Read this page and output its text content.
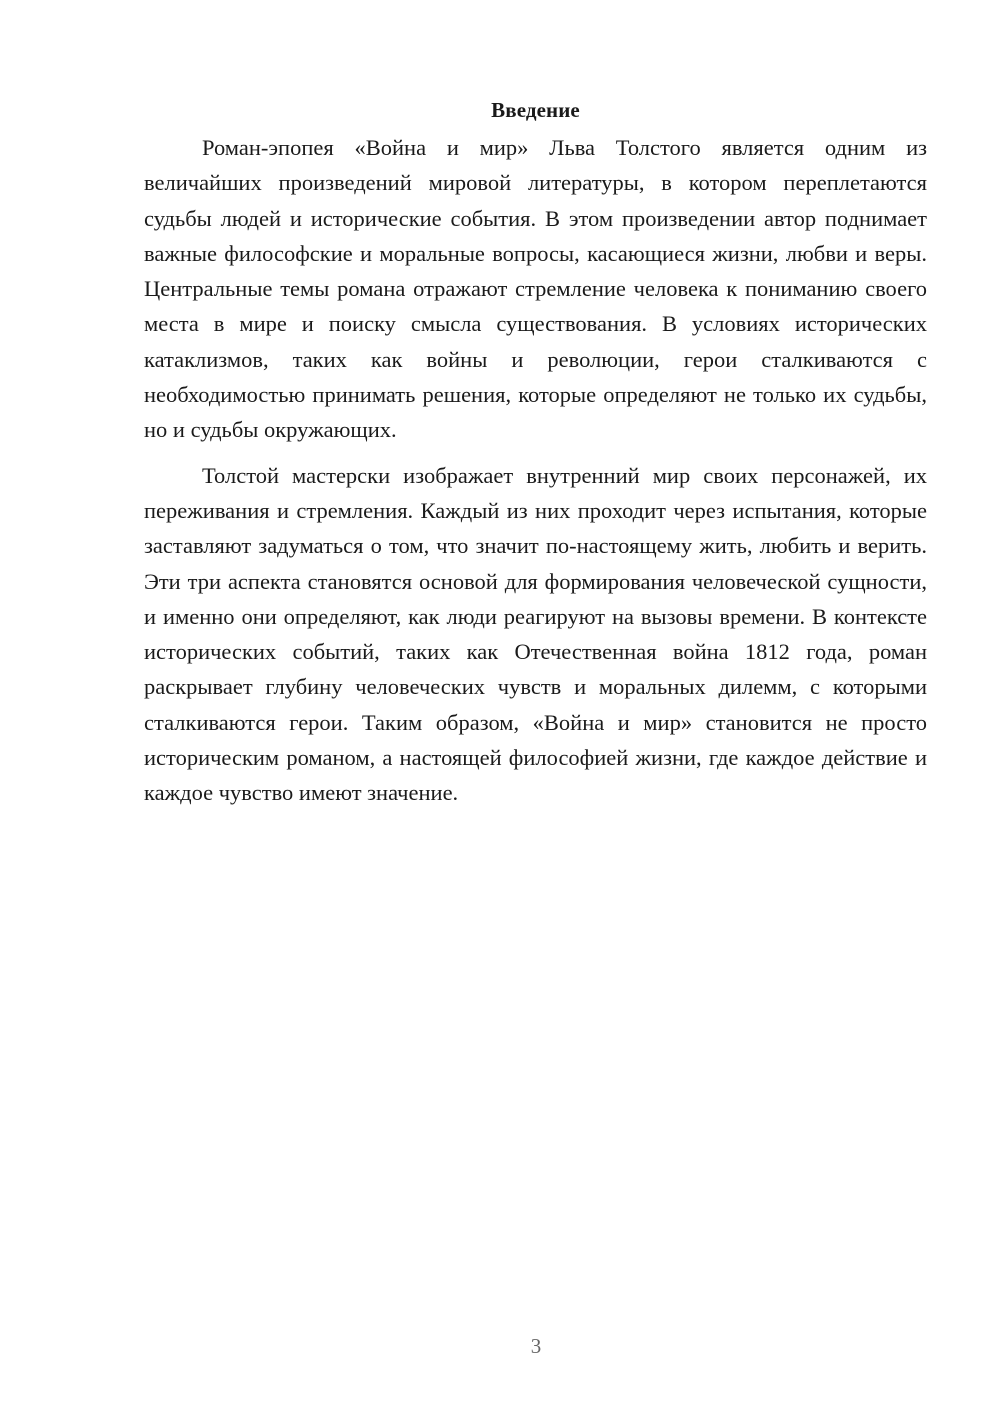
Введение

Роман-эпопея «Война и мир» Льва Толстого является одним из величайших произведений мировой литературы, в котором переплетаются судьбы людей и исторические события. В этом произведении автор поднимает важные философские и моральные вопросы, касающиеся жизни, любви и веры. Центральные темы романа отражают стремление человека к пониманию своего места в мире и поиску смысла существования. В условиях исторических катаклизмов, таких как войны и революции, герои сталкиваются с необходимостью принимать решения, которые определяют не только их судьбы, но и судьбы окружающих.

Толстой мастерски изображает внутренний мир своих персонажей, их переживания и стремления. Каждый из них проходит через испытания, которые заставляют задуматься о том, что значит по-настоящему жить, любить и верить. Эти три аспекта становятся основой для формирования человеческой сущности, и именно они определяют, как люди реагируют на вызовы времени. В контексте исторических событий, таких как Отечественная война 1812 года, роман раскрывает глубину человеческих чувств и моральных дилемм, с которыми сталкиваются герои. Таким образом, «Война и мир» становится не просто историческим романом, а настоящей философией жизни, где каждое действие и каждое чувство имеют значение.

3
